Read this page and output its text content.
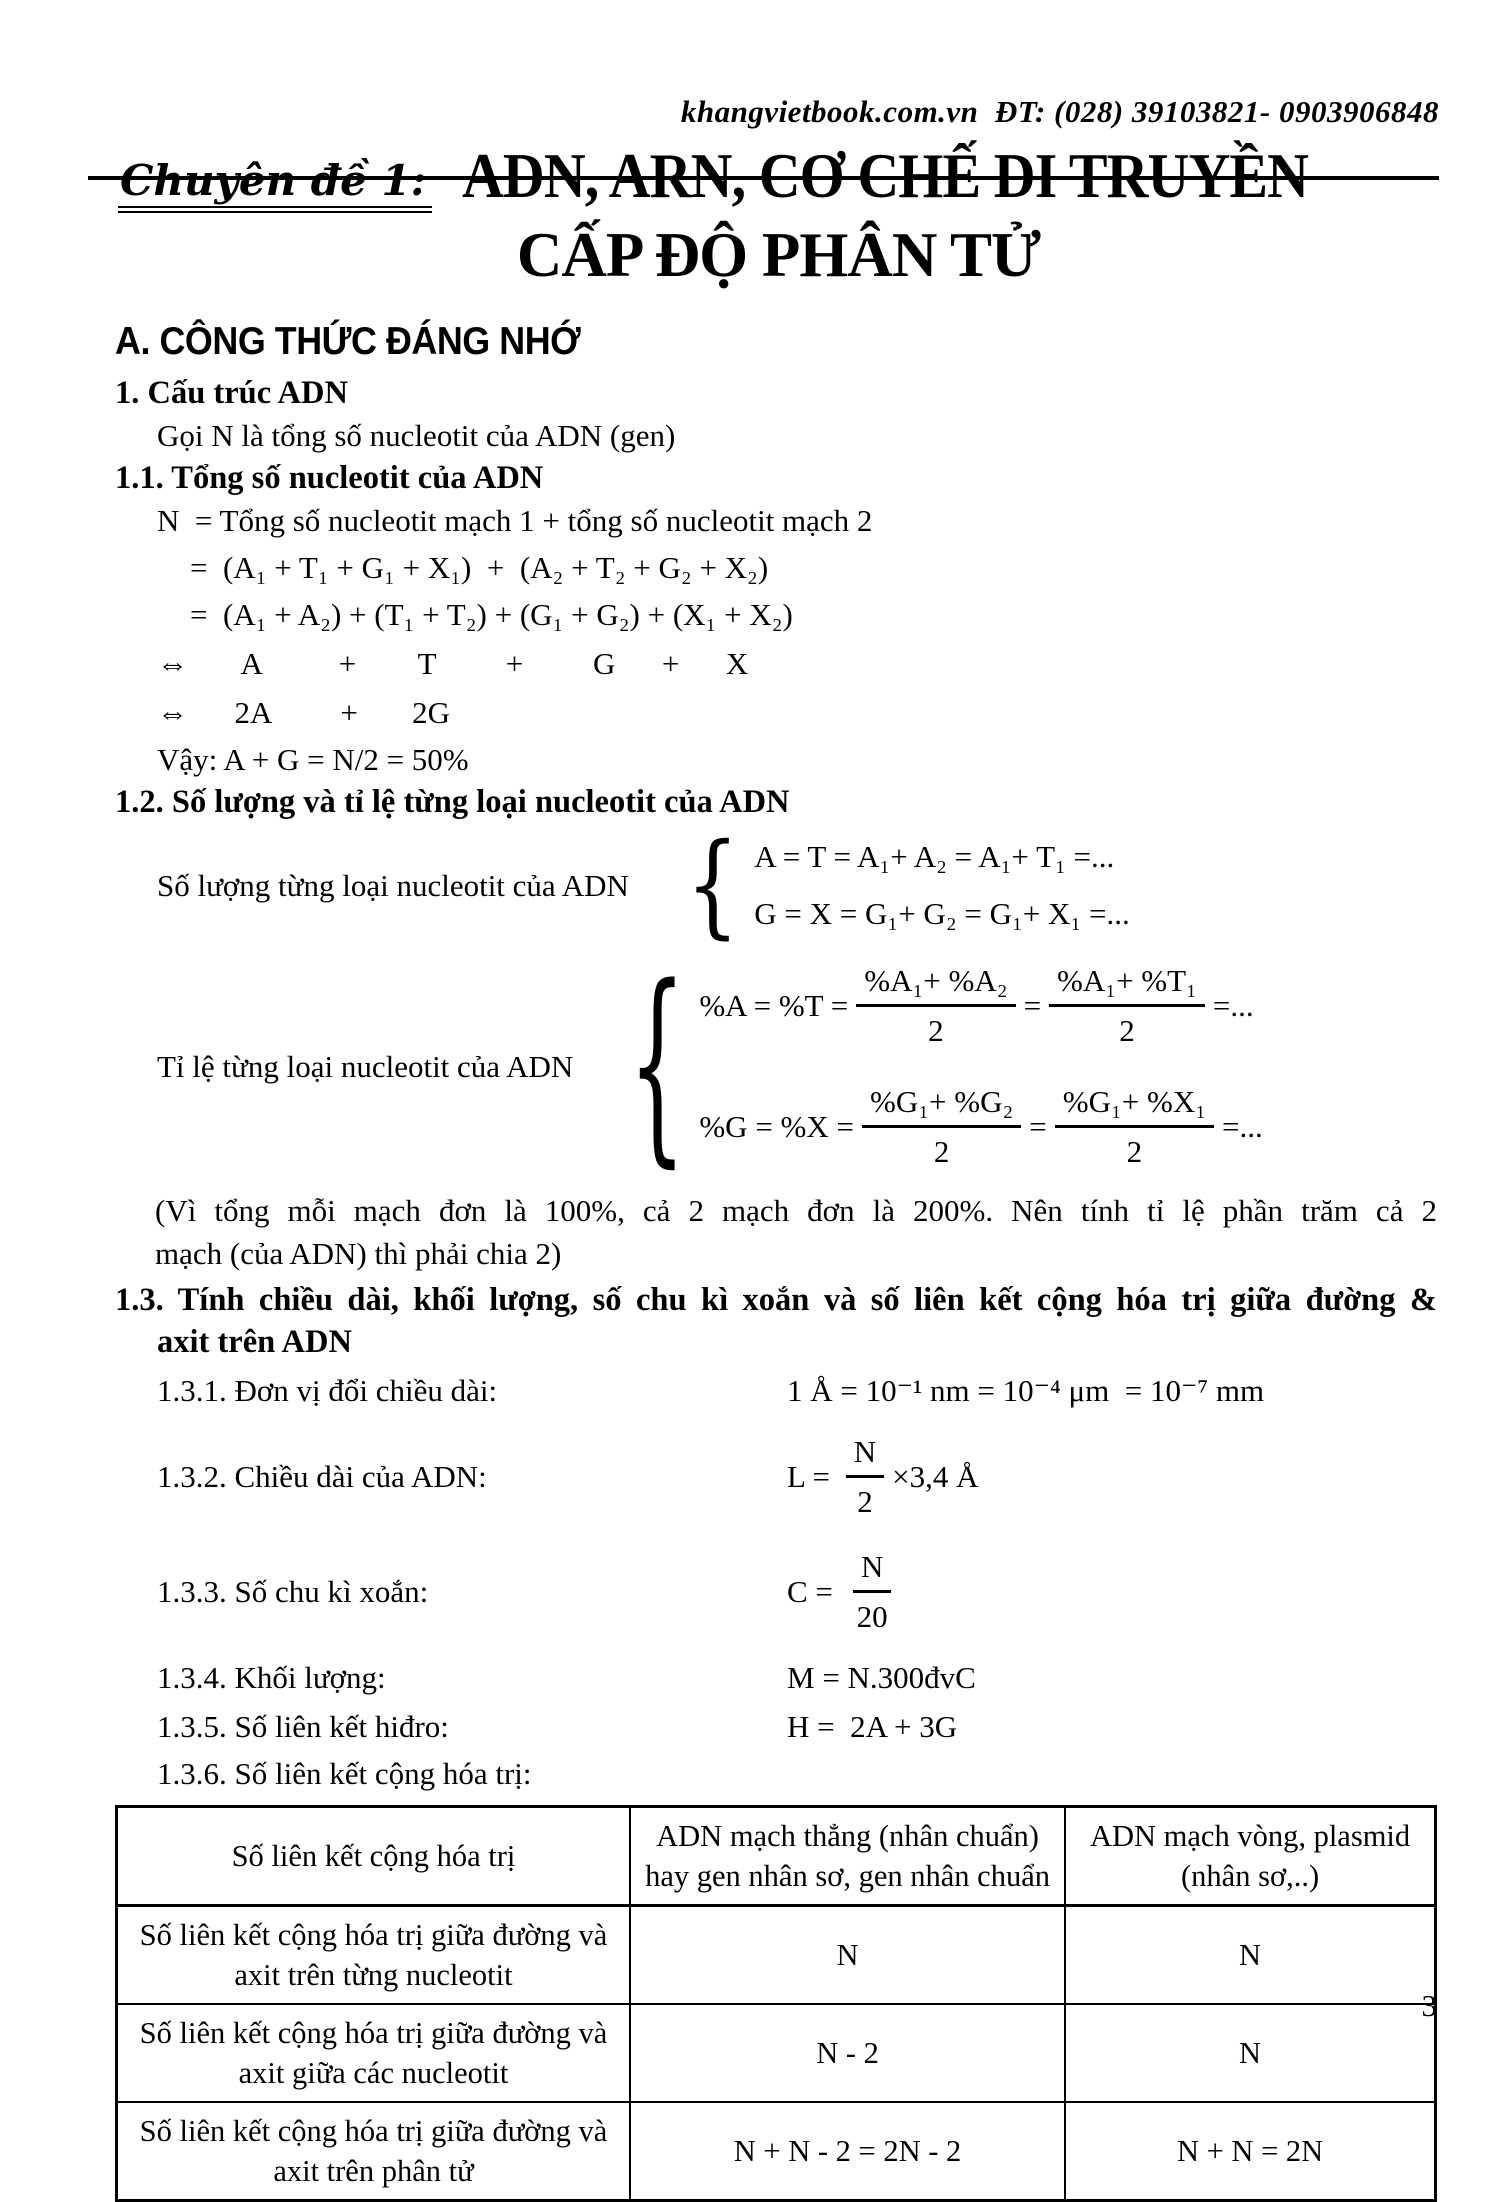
khangvietbook.com.vn  ĐT: (028) 39103821- 0903906848

Chuyên đề 1: ADN, ARN, CƠ CHẾ DI TRUYỀN
CẤP ĐỘ PHÂN TỬ
A. CÔNG THỨC ĐÁNG NHỚ
1. Cấu trúc ADN
Gọi N là tổng số nucleotit của ADN (gen)
1.1. Tổng số nucleotit của ADN
N  = Tổng số nucleotit mạch 1 + tổng số nucleotit mạch 2
=  (A₁ + T₁ + G₁ + X₁)  +  (A₂ + T₂ + G₂ + X₂)
=  (A₁ + A₂) + (T₁ + T₂) + (G₁ + G₂) + (X₁ + X₂)
⇔       A          +        T         +         G      +      X
⇔      2A         +       2G
Vậy: A + G = N/2 = 50%
1.2. Số lượng và tỉ lệ từng loại nucleotit của ADN
Số lượng từng loại nucleotit của ADN { A = T = A₁+ A₂ = A₁+ T₁ =...
G = X = G₁+ G₂ = G₁+ X₁ =...
Tỉ lệ từng loại nucleotit của ADN { $\%A = \%T = \frac{\text{\%A₁+ \%A₂}}{2} = \frac{\text{\%A₁+ \%T₁}}{2}$ =...
$\%G = \%X = \frac{\text{\%G₁+ \%G₂}}{2} = \frac{\text{\%G₁+ \%X₁}}{2}$ =...
(Vì tổng mỗi mạch đơn là 100%, cả 2 mạch đơn là 200%. Nên tính tỉ lệ phần trăm cả 2
mạch (của ADN) thì phải chia 2)
1.3. Tính chiều dài, khối lượng, số chu kì xoắn và số liên kết cộng hóa trị giữa đường &
axit trên ADN
1.3.1. Đơn vị đổi chiều dài:	1 Å = 10⁻¹ nm = 10⁻⁴ μm  = 10⁻⁷ mm
1.3.2. Chiều dài của ADN:	$L = \frac{N}{2} \times 3,4$ Å
1.3.3. Số chu kì xoắn:	$C = \frac{N}{20}$
1.3.4. Khối lượng:	M = N.300đvC
1.3.5. Số liên kết hiđro:	H =  2A + 3G
1.3.6. Số liên kết cộng hóa trị:
Số liên kết cộng hóa trị	ADN mạch thẳng (nhân chuẩn) hay gen nhân sơ, gen nhân chuẩn	ADN mạch vòng, plasmid (nhân sơ,..)
Số liên kết cộng hóa trị giữa đường và axit trên từng nucleotit	N	N
Số liên kết cộng hóa trị giữa đường và axit giữa các nucleotit	N - 2	N
Số liên kết cộng hóa trị giữa đường và axit trên phân tử	N + N - 2 = 2N - 2	N + N = 2N
3
